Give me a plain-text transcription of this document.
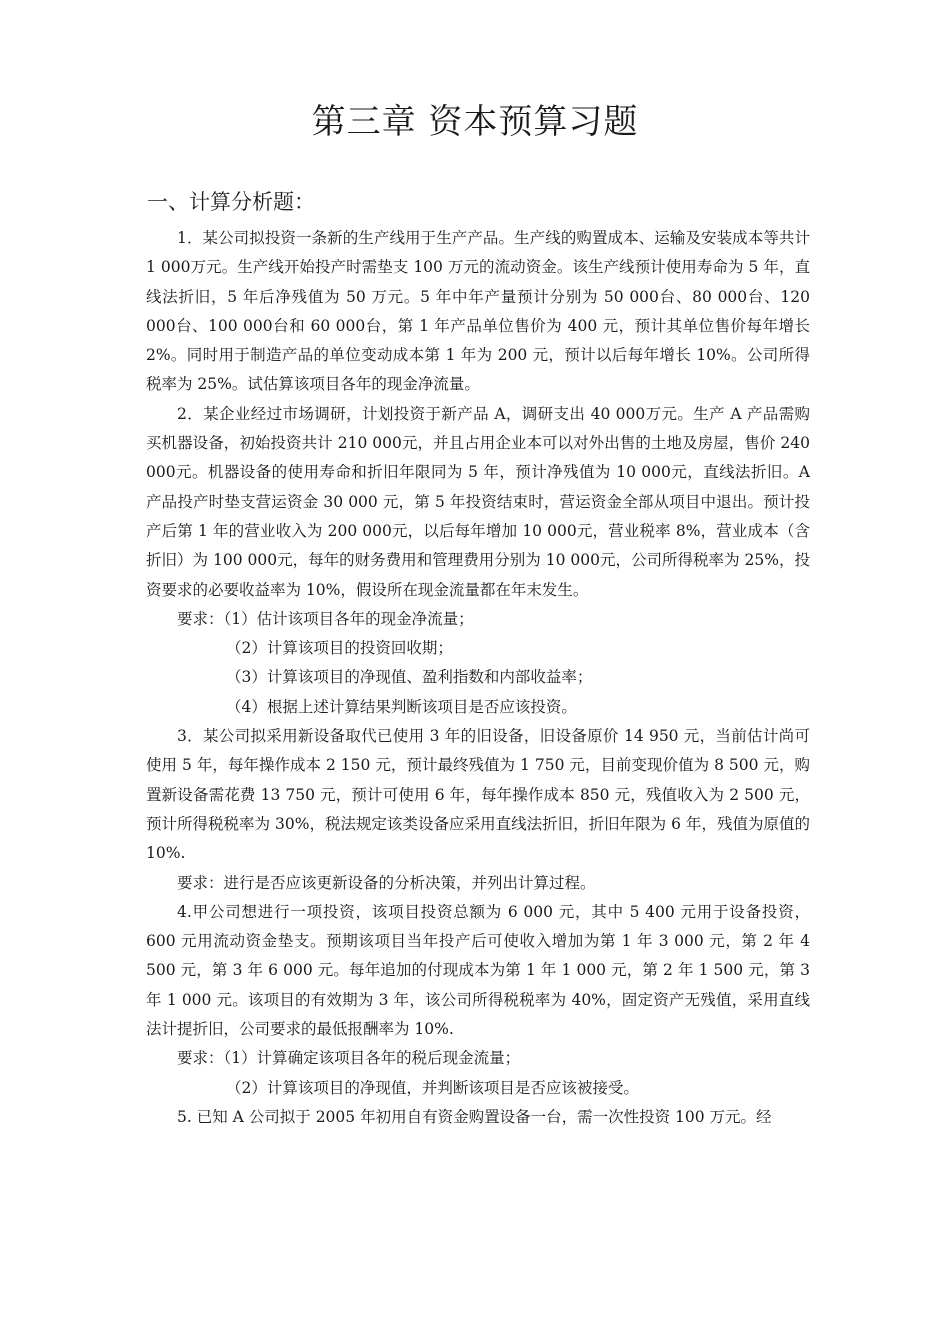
第三章 资本预算习题
一、计算分析题：

1．某公司拟投资一条新的生产线用于生产产品。生产线的购置成本、运输及安装成本等共计 1 000万元。生产线开始投产时需垫支 100 万元的流动资金。该生产线预计使用寿命为 5 年，直线法折旧，5 年后净残值为 50 万元。5 年中年产量预计分别为 50 000台、80 000台、120 000台、100 000台和 60 000台，第 1 年产品单位售价为 400 元，预计其单位售价每年增长 2%。同时用于制造产品的单位变动成本第 1 年为 200 元，预计以后每年增长 10%。公司所得税率为 25%。试估算该项目各年的现金净流量。

2．某企业经过市场调研，计划投资于新产品 A，调研支出 40 000万元。生产 A 产品需购买机器设备，初始投资共计 210 000元，并且占用企业本可以对外出售的土地及房屋，售价 240 000元。机器设备的使用寿命和折旧年限同为 5 年，预计净残值为 10 000元，直线法折旧。A 产品投产时垫支营运资金 30 000 元，第 5 年投资结束时，营运资金全部从项目中退出。预计投产后第 1 年的营业收入为 200 000元，以后每年增加 10 000元，营业税率 8%，营业成本（含折旧）为 100 000元，每年的财务费用和管理费用分别为 10 000元，公司所得税率为 25%，投资要求的必要收益率为 10%，假设所在现金流量都在年末发生。

要求：（1）估计该项目各年的现金净流量；

（2）计算该项目的投资回收期；

（3）计算该项目的净现值、盈利指数和内部收益率；

（4）根据上述计算结果判断该项目是否应该投资。

3．某公司拟采用新设备取代已使用 3 年的旧设备，旧设备原价 14 950 元，当前估计尚可使用 5 年，每年操作成本 2 150 元，预计最终残值为 1 750 元，目前变现价值为 8 500 元，购置新设备需花费 13 750 元，预计可使用 6 年，每年操作成本 850 元，残值收入为 2 500 元，预计所得税税率为 30%，税法规定该类设备应采用直线法折旧，折旧年限为 6 年，残值为原值的 10%.

要求：进行是否应该更新设备的分析决策，并列出计算过程。

4.甲公司想进行一项投资，该项目投资总额为 6 000 元，其中 5 400 元用于设备投资，600 元用流动资金垫支。预期该项目当年投产后可使收入增加为第 1 年 3 000 元，第 2 年 4 500 元，第 3 年 6 000 元。每年追加的付现成本为第 1 年 1 000 元，第 2 年 1 500 元，第 3 年 1 000 元。该项目的有效期为 3 年，该公司所得税税率为 40%，固定资产无残值，采用直线法计提折旧，公司要求的最低报酬率为 10%.

要求：（1）计算确定该项目各年的税后现金流量；

（2）计算该项目的净现值，并判断该项目是否应该被接受。

5. 已知 A 公司拟于 2005 年初用自有资金购置设备一台，需一次性投资 100 万元。经
